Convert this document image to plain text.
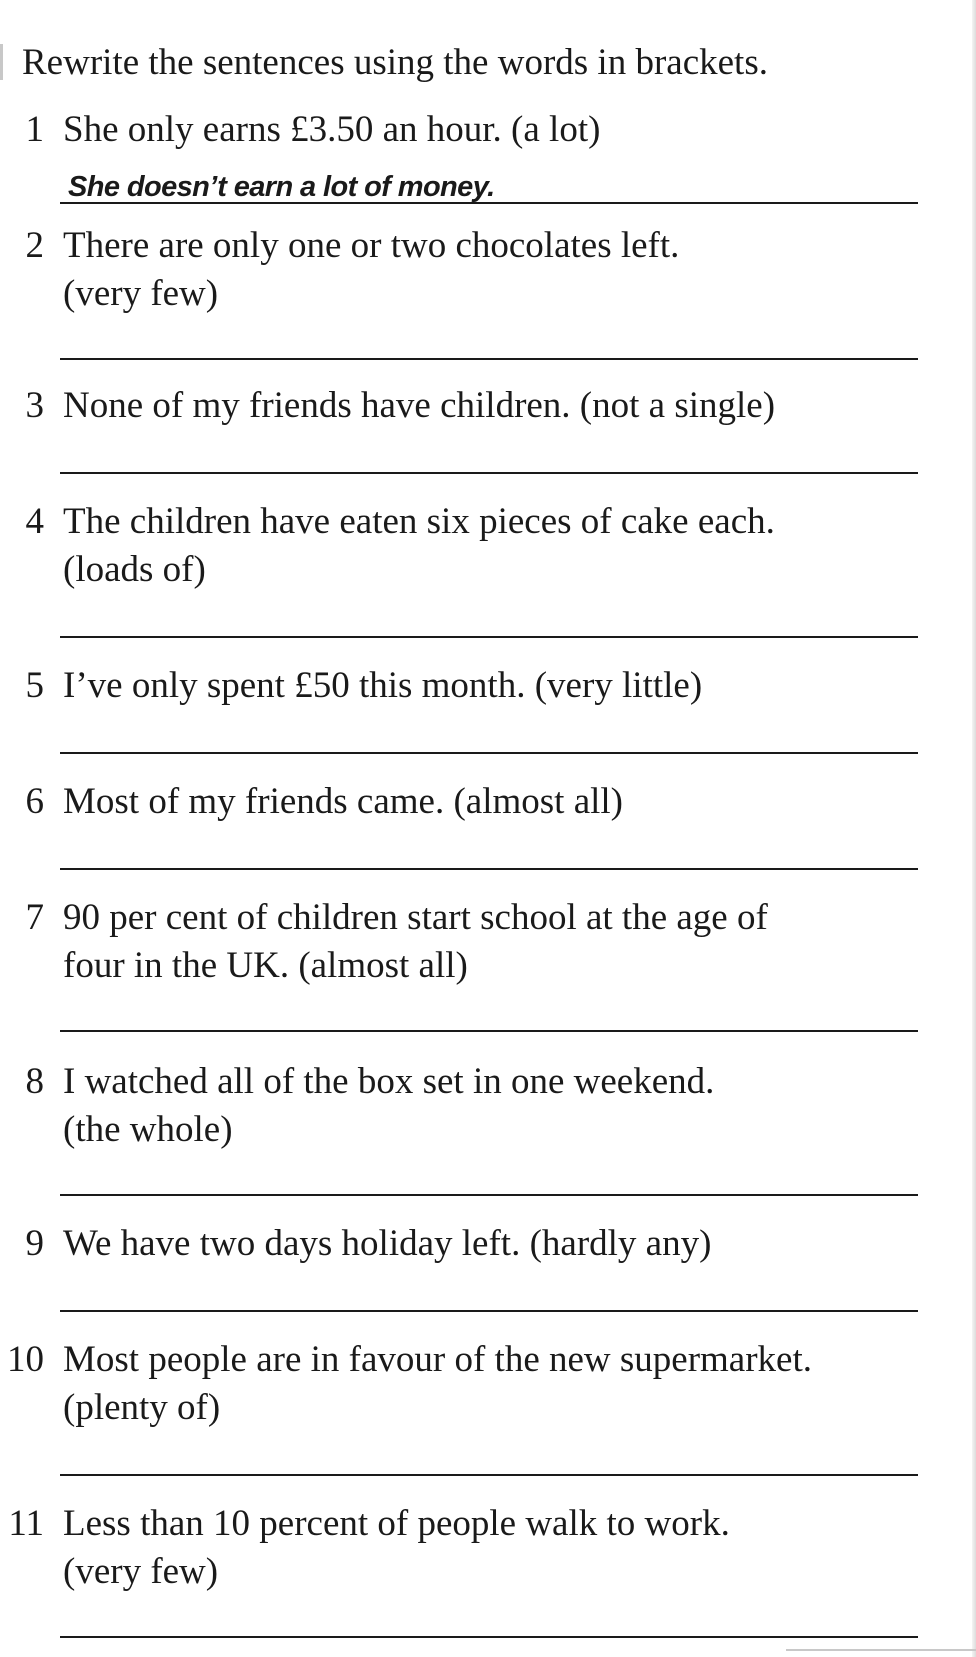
Rewrite the sentences using the words in brackets.
1 She only earns £3.50 an hour. (a lot)
She doesn’t earn a lot of money.
2 There are only one or two chocolates left.
(very few)
3 None of my friends have children. (not a single)
4 The children have eaten six pieces of cake each.
(loads of)
5 I’ve only spent £50 this month. (very little)
6 Most of my friends came. (almost all)
7 90 per cent of children start school at the age of
four in the UK. (almost all)
8 I watched all of the box set in one weekend.
(the whole)
9 We have two days holiday left. (hardly any)
10 Most people are in favour of the new supermarket.
(plenty of)
11 Less than 10 percent of people walk to work.
(very few)
